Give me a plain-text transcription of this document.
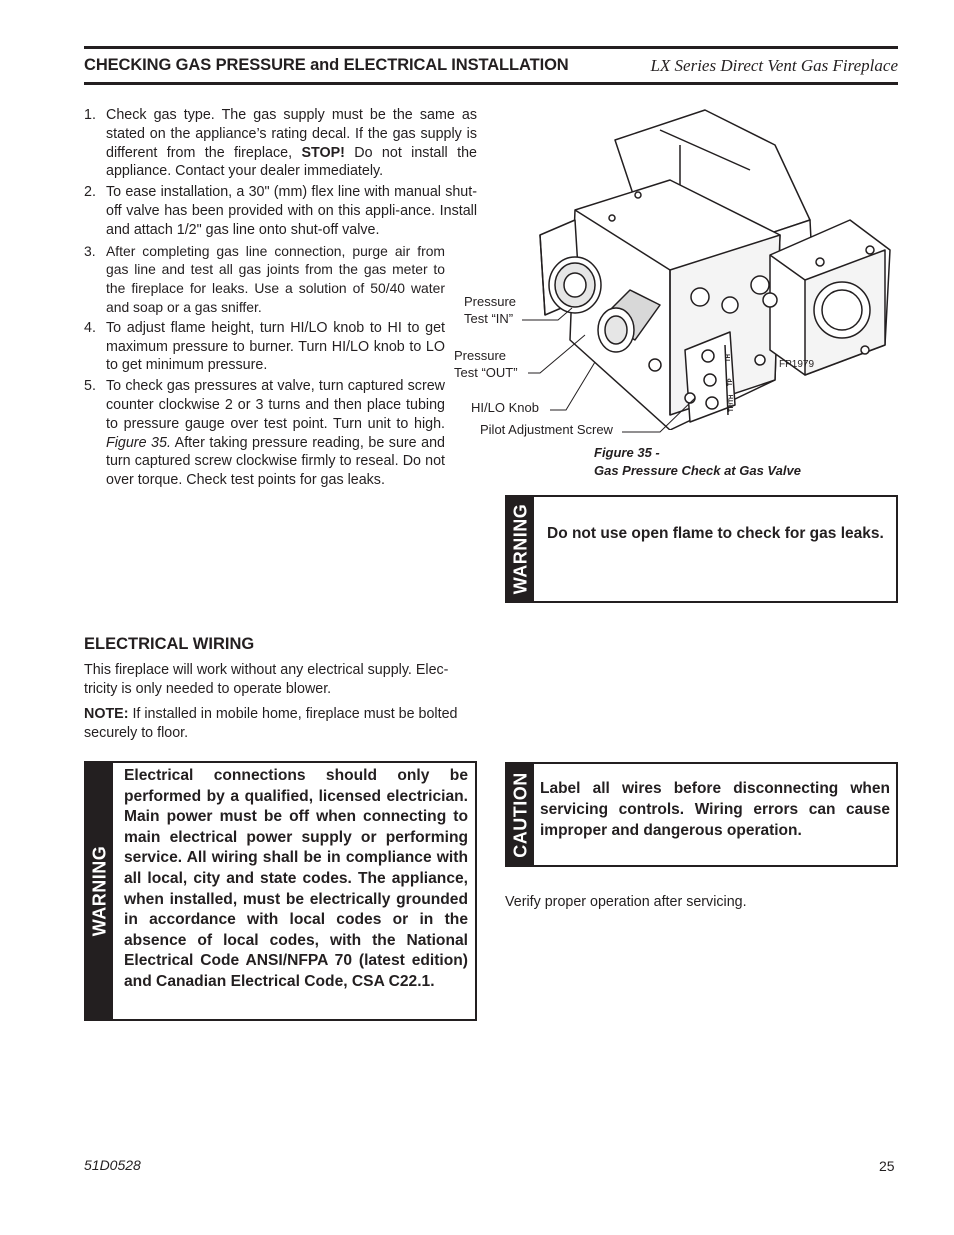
CHECKING GAS PRESSURE and ELECTRICAL INSTALLATION	LX Series Direct Vent Gas Fireplace
1. Check gas type. The gas supply must be the same as stated on the appliance’s rating decal. If the gas supply is different from the fireplace, STOP! Do not install the appliance. Contact your dealer immediately.
2. To ease installation, a 30" (mm) flex line with manual shut-off valve has been provided with on this appli-ance. Install and attach 1/2" gas line onto shut-off valve.
3. After completing gas line connection, purge air from gas line and test all gas joints from the gas meter to the fireplace for leaks. Use a solution of 50/40 water and soap or a gas sniffer.
4. To adjust flame height, turn HI/LO knob to HI to get maximum pressure to burner. Turn HI/LO knob to LO to get minimum pressure.
5. To check gas pressures at valve, turn captured screw counter clockwise 2 or 3 turns and then place tubing to pressure gauge over test point. Turn unit to high. Figure 35. After taking pressure reading, be sure and turn captured screw clockwise firmly to reseal. Do not over torque. Check test points for gas leaks.
TH
TP
TP/TH
Pressure
Test “IN”
Pressure
Test “OUT”
HI/LO Knob
Pilot Adjustment Screw
FP1979
Figure 35 -
Gas Pressure Check at Gas Valve
WARNING Do not use open flame to check for gas leaks.
ELECTRICAL WIRING
This fireplace will work without any electrical supply. Elec-tricity is only needed to operate blower.
NOTE: If installed in mobile home, fireplace must be bolted securely to floor.
WARNING
Electrical connections should only be performed by a qualified, licensed electrician. Main power must be off when connecting to main electrical power supply or performing service. All wiring shall be in compliance with all local, city and state codes. The appliance, when installed, must be electrically grounded in accordance with local codes or in the absence of local codes, with the National Electrical Code ANSI/NFPA 70 (latest edition) and Canadian Electrical Code, CSA C22.1.
CAUTION Label all wires before disconnecting when servicing controls. Wiring errors can cause improper and dangerous operation.
Verify proper operation after servicing.
51D0528	25
